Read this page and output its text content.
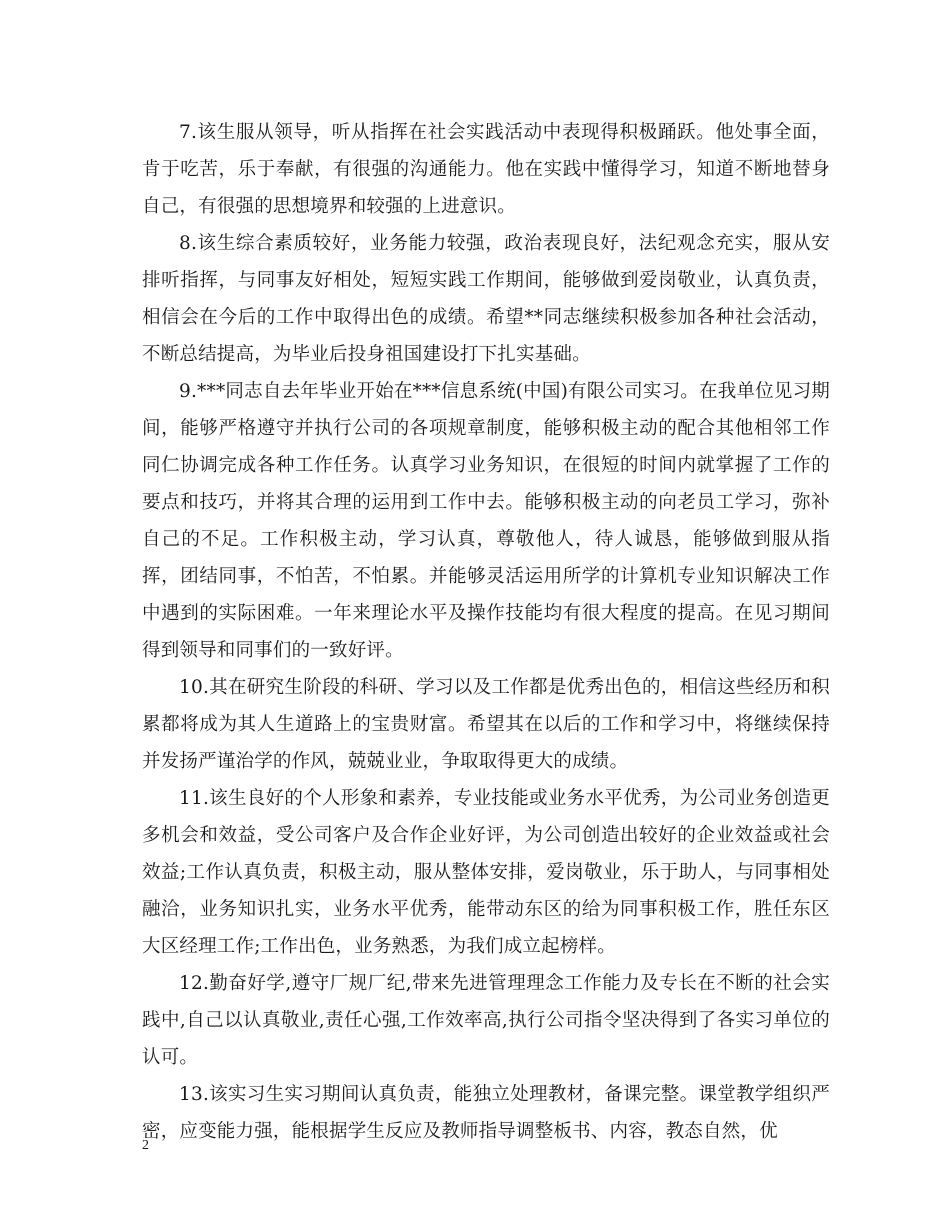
7.该生服从领导，听从指挥在社会实践活动中表现得积极踊跃。他处事全面，肯于吃苦，乐于奉献，有很强的沟通能力。他在实践中懂得学习，知道不断地替身自己，有很强的思想境界和较强的上进意识。

8.该生综合素质较好，业务能力较强，政治表现良好，法纪观念充实，服从安排听指挥，与同事友好相处，短短实践工作期间，能够做到爱岗敬业，认真负责，相信会在今后的工作中取得出色的成绩。希望**同志继续积极参加各种社会活动，不断总结提高，为毕业后投身祖国建设打下扎实基础。

9.***同志自去年毕业开始在***信息系统(中国)有限公司实习。在我单位见习期间，能够严格遵守并执行公司的各项规章制度，能够积极主动的配合其他相邻工作同仁协调完成各种工作任务。认真学习业务知识，在很短的时间内就掌握了工作的要点和技巧，并将其合理的运用到工作中去。能够积极主动的向老员工学习，弥补自己的不足。工作积极主动，学习认真，尊敬他人，待人诚恳，能够做到服从指挥，团结同事，不怕苦，不怕累。并能够灵活运用所学的计算机专业知识解决工作中遇到的实际困难。一年来理论水平及操作技能均有很大程度的提高。在见习期间得到领导和同事们的一致好评。

10.其在研究生阶段的科研、学习以及工作都是优秀出色的，相信这些经历和积累都将成为其人生道路上的宝贵财富。希望其在以后的工作和学习中，将继续保持并发扬严谨治学的作风，兢兢业业，争取取得更大的成绩。

11.该生良好的个人形象和素养，专业技能或业务水平优秀，为公司业务创造更多机会和效益，受公司客户及合作企业好评，为公司创造出较好的企业效益或社会效益;工作认真负责，积极主动，服从整体安排，爱岗敬业，乐于助人，与同事相处融洽，业务知识扎实，业务水平优秀，能带动东区的给为同事积极工作，胜任东区大区经理工作;工作出色，业务熟悉，为我们成立起榜样。

12.勤奋好学,遵守厂规厂纪,带来先进管理理念工作能力及专长在不断的社会实践中,自己以认真敬业,责任心强,工作效率高,执行公司指令坚决得到了各实习单位的认可。

13.该实习生实习期间认真负责，能独立处理教材，备课完整。课堂教学组织严密，应变能力强，能根据学生反应及教师指导调整板书、内容，教态自然，优

2
